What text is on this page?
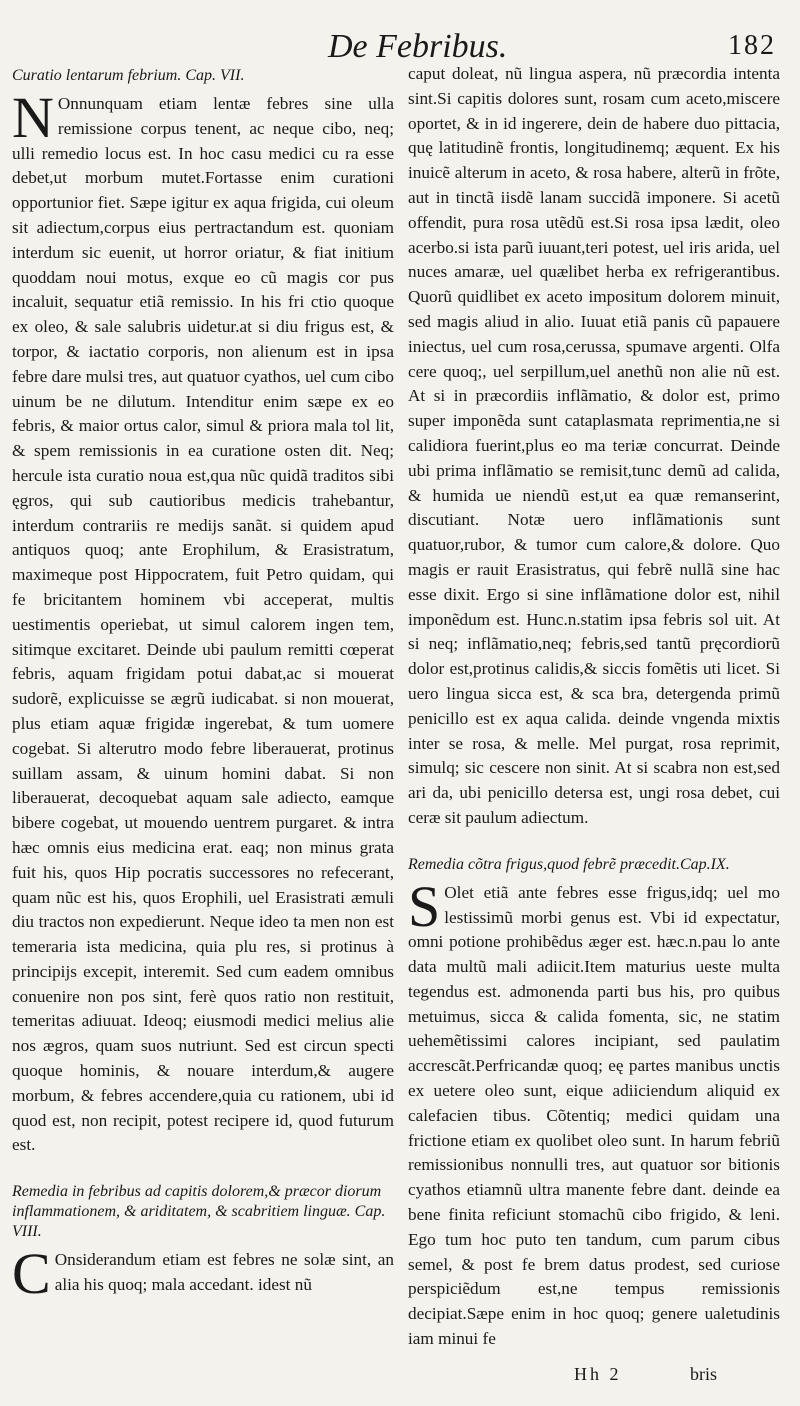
De Febribus.	182
Curatio lentarum febrium. Cap. VII.

N Onnunquam etiam lentæ febres sine ulla remissione corpus tenent, ac neque cibo, neq; ulli remedio locus est. In hoc casu medici cu ra esse debet,ut morbum mutet.Fortasse enim curationi opportunior fiet. Sæpe igitur ex aqua frigida, cui oleum sit adiectum,corpus eius pertractandum est. quoniam interdum sic euenit, ut horror oriatur, & fiat initium quoddam noui motus, exque eo cũ magis cor pus incaluit, sequatur etiã remissio. In his fri ctio quoque ex oleo, & sale salubris uidetur.at si diu frigus est, & torpor, & iactatio corporis, non alienum est in ipsa febre dare mulsi tres, aut quatuor cyathos, uel cum cibo uinum be ne dilutum. Intenditur enim sæpe ex eo febris, & maior ortus calor, simul & priora mala tol lit, & spem remissionis in ea curatione osten dit. Neq; hercule ista curatio noua est,qua nũc quidã traditos sibi ęgros, qui sub cautioribus medicis trahebantur, interdum contrariis re medijs sanãt. si quidem apud antiquos quoq; ante Erophilum, & Erasistratum, maximeque post Hippocratem, fuit Petro quidam, qui fe bricitantem hominem vbi acceperat, multis uestimentis operiebat, ut simul calorem ingen tem, sitimque excitaret. Deinde ubi paulum remitti cœperat febris, aquam frigidam potui dabat,ac si mouerat sudorẽ, explicuisse se ægrũ iudicabat. si non mouerat, plus etiam aquæ frigidæ ingerebat, & tum uomere cogebat. Si alterutro modo febre liberauerat, protinus suillam assam, & uinum homini dabat. Si non liberauerat, decoquebat aquam sale adiecto, eamque bibere cogebat, ut mouendo uentrem purgaret. & intra hæc omnis eius medicina erat. eaq; non minus grata fuit his, quos Hip pocratis successores no refecerant, quam nũc est his, quos Erophili, uel Erasistrati æmuli diu tractos non expedierunt. Neque ideo ta men non est temeraria ista medicina, quia plu res, si protinus à principijs excepit, interemit. Sed cum eadem omnibus conuenire non pos sint, ferè quos ratio non restituit, temeritas adiuuat. Ideoq; eiusmodi medici melius alie nos ægros, quam suos nutriunt. Sed est circun specti quoque hominis, & nouare interdum,& augere morbum, & febres accendere,quia cu rationem, ubi id quod est, non recipit, potest recipere id, quod futurum est.

Remedia in febribus ad capitis dolorem,& præcor diorum inflammationem, & ariditatem, & scabritiem linguæ. Cap. VIII.

C Onsiderandum etiam est febres ne solæ sint, an alia his quoq; mala accedant. idest nũ

caput doleat, nũ lingua aspera, nũ præcordia intenta sint.Si capitis dolores sunt, rosam cum aceto,miscere oportet, & in id ingerere, dein de habere duo pittacia, quę latitudinẽ frontis, longitudinemq; æquent. Ex his inuicẽ alterum in aceto, & rosa habere, alterũ in frõte, aut in tinctã iisdẽ lanam succidã imponere. Si acetũ offendit, pura rosa utẽdũ est.Si rosa ipsa lædit, oleo acerbo.si ista parũ iuuant,teri potest, uel iris arida, uel nuces amaræ, uel quælibet herba ex refrigerantibus. Quorũ quidlibet ex aceto impositum dolorem minuit, sed magis aliud in alio. Iuuat etiã panis cũ papauere iniectus, uel cum rosa,cerussa, spumave argenti. Olfa cere quoq;, uel serpillum,uel anethũ non alie nũ est. At si in præcordiis inflãmatio, & dolor est, primo super imponẽda sunt cataplasmata reprimentia,ne si calidiora fuerint,plus eo ma teriæ concurrat. Deinde ubi prima inflãmatio se remisit,tunc demũ ad calida, & humida ue niendũ est,ut ea quæ remanserint, discutiant. Notæ uero inflãmationis sunt quatuor,rubor, & tumor cum calore,& dolore. Quo magis er rauit Erasistratus, qui febrẽ nullã sine hac esse dixit. Ergo si sine inflãmatione dolor est, nihil imponẽdum est. Hunc.n.statim ipsa febris sol uit. At si neq; inflãmatio,neq; febris,sed tantũ pręcordiorũ dolor est,protinus calidis,& siccis fomẽtis uti licet. Si uero lingua sicca est, & sca bra, detergenda primũ penicillo est ex aqua calida. deinde vngenda mixtis inter se rosa, & melle. Mel purgat, rosa reprimit, simulq; sic cescere non sinit. At si scabra non est,sed ari da, ubi penicillo detersa est, ungi rosa debet, cui ceræ sit paulum adiectum.

Remedia cõtra frigus,quod febrẽ præcedit.Cap.IX.

S Olet etiã ante febres esse frigus,idq; uel mo lestissimũ morbi genus est. Vbi id expectatur, omni potione prohibẽdus æger est. hæc.n.pau lo ante data multũ mali adiicit.Item maturius ueste multa tegendus est. admonenda parti bus his, pro quibus metuimus, sicca & calida fomenta, sic, ne statim uehemẽtissimi calores incipiant, sed paulatim accrescãt.Perfricandæ quoq; eę partes manibus unctis ex uetere oleo sunt, eique adiiciendum aliquid ex calefacien tibus. Cõtentiq; medici quidam una frictione etiam ex quolibet oleo sunt. In harum febriũ remissionibus nonnulli tres, aut quatuor sor bitionis cyathos etiamnũ ultra manente febre dant. deinde ea bene finita reficiunt stomachũ cibo frigido, & leni. Ego tum hoc puto ten tandum, cum parum cibus semel, & post fe brem datus prodest, sed curiose perspiciẽdum est,ne tempus remissionis decipiat.Sæpe enim in hoc quoq; genere ualetudinis iam minui fe

Hh 2	bris
